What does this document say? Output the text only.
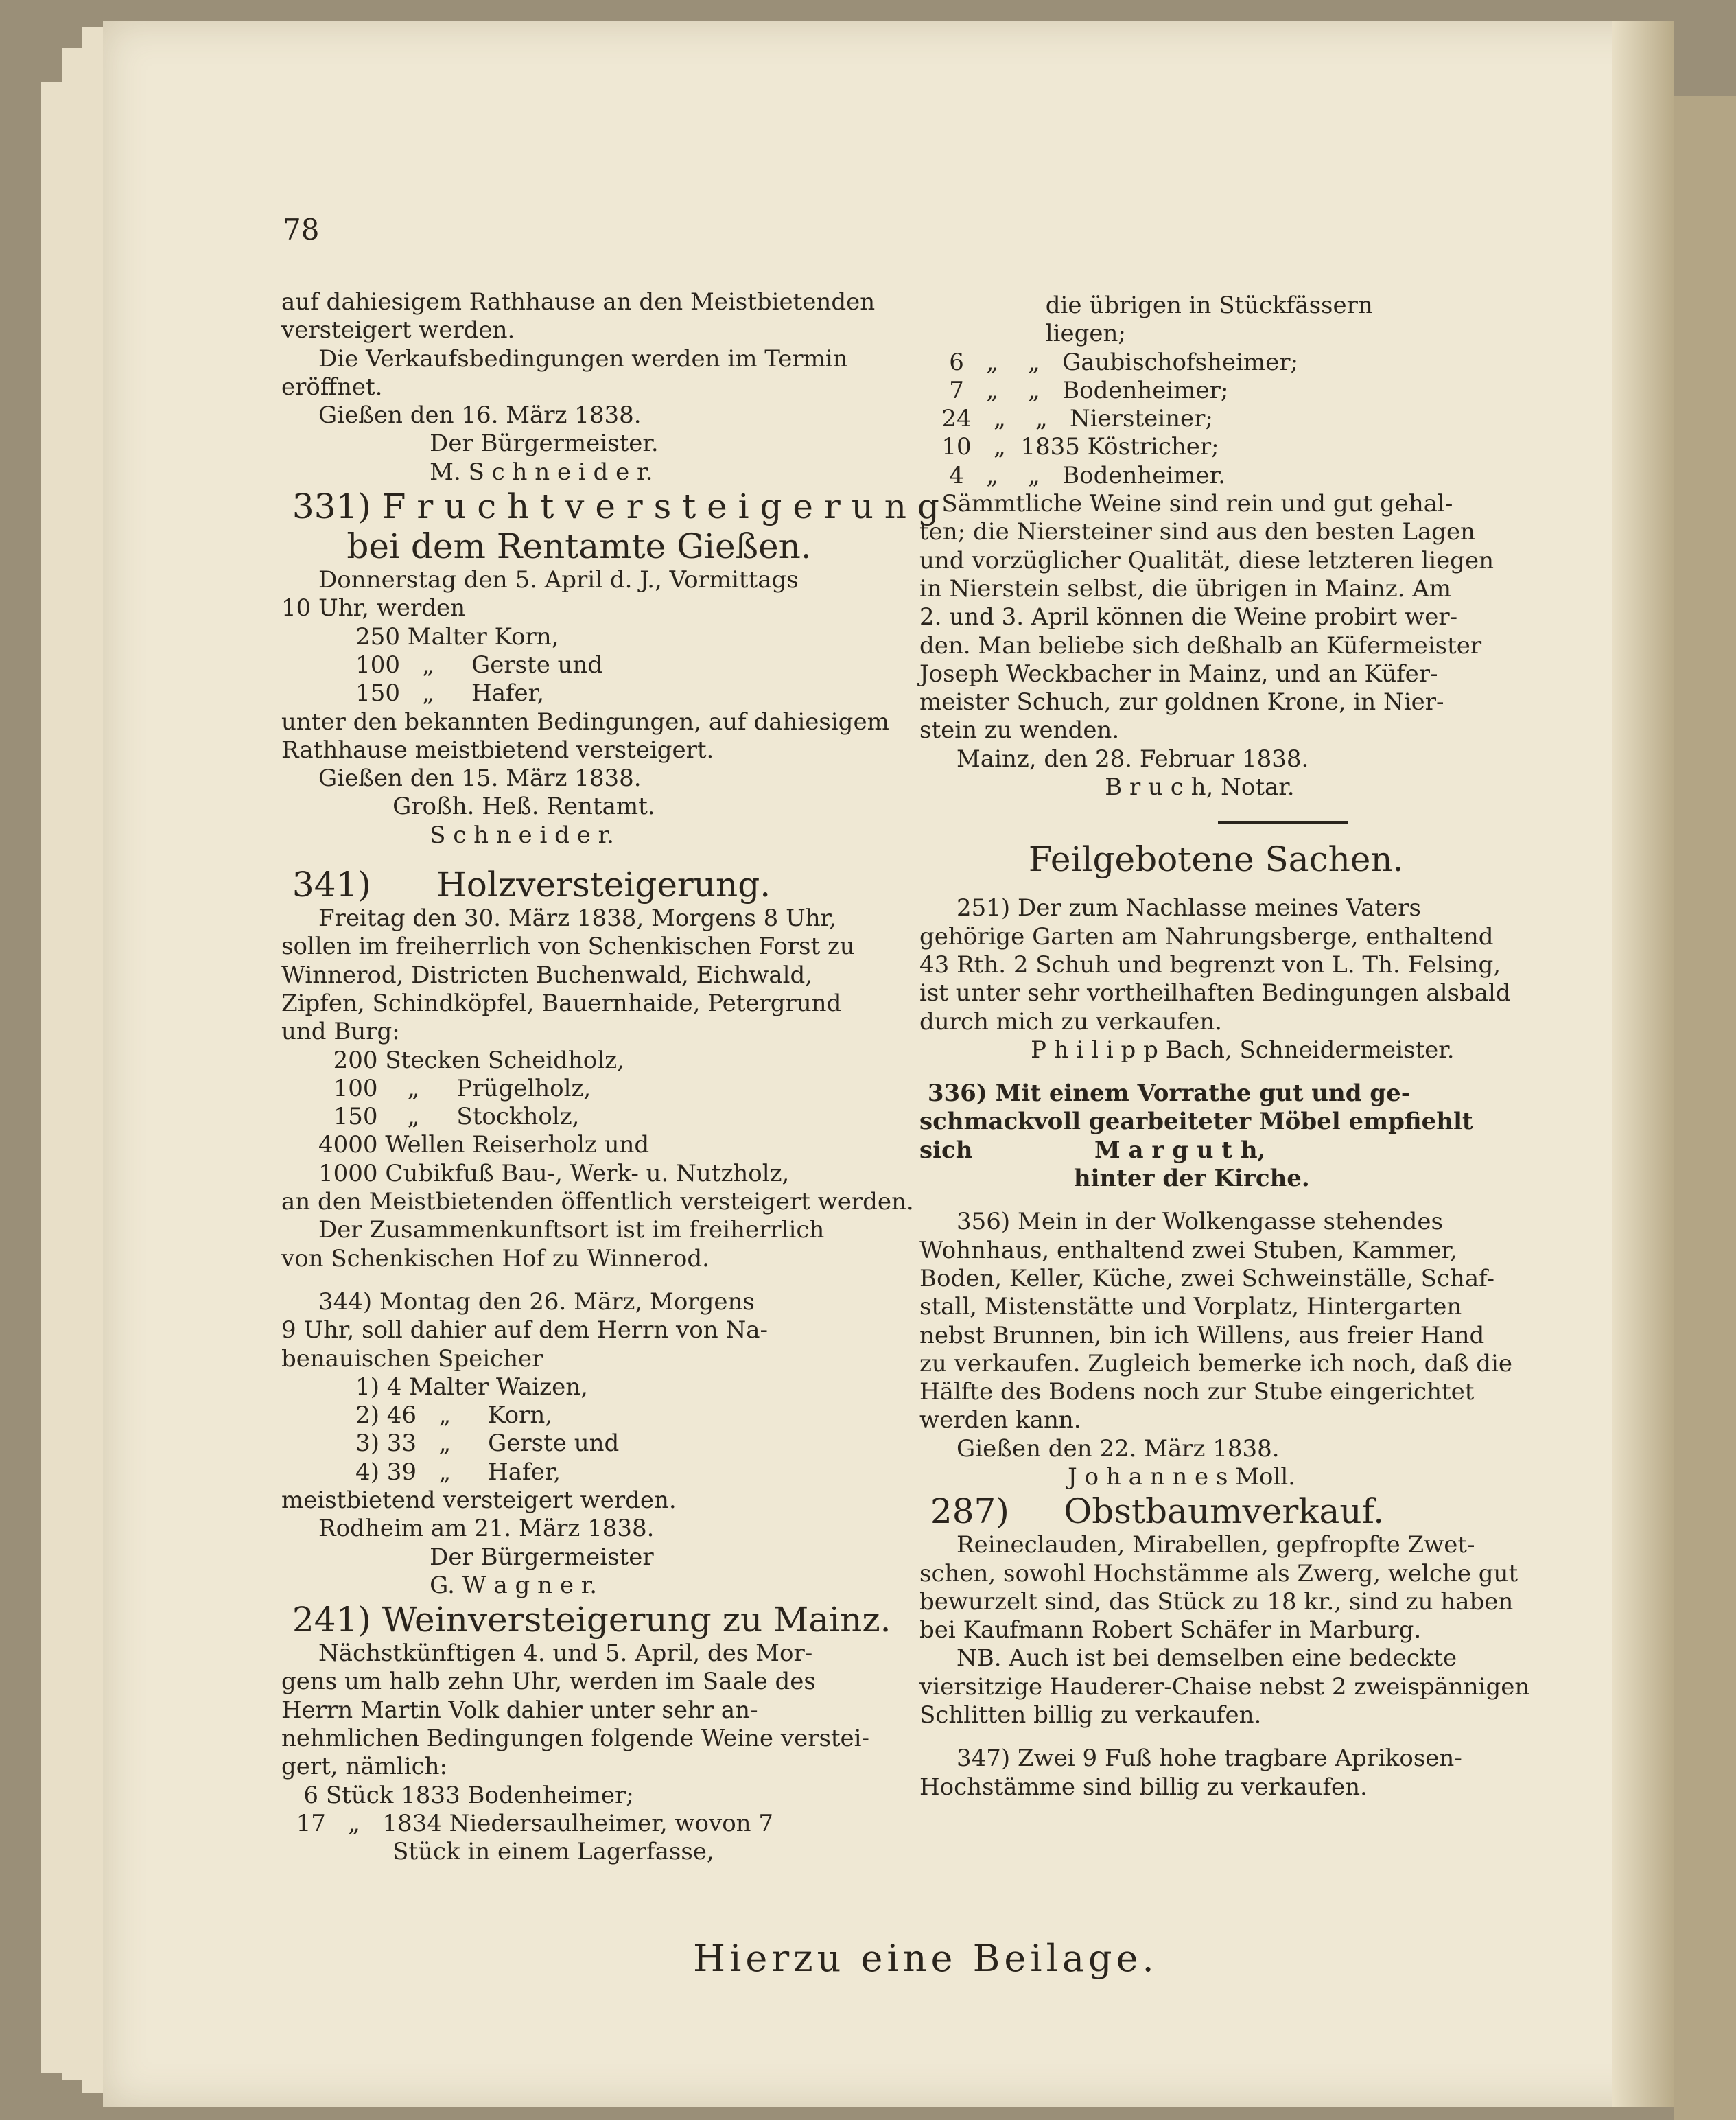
78
auf dahiesigem Rathhause an den Meistbietenden
versteigert werden.
Die Verkaufsbedingungen werden im Termin
eröffnet.
Gießen den 16. März 1838.
Der Bürgermeister.
M. S c h n e i d e r.
331) F r u c h t v e r s t e i g e r u n g
bei dem Rentamte Gießen.
Donnerstag den 5. April d. J., Vormittags
10 Uhr, werden
250 Malter Korn,
100   „     Gerste und
150   „     Hafer,
unter den bekannten Bedingungen, auf dahiesigem
Rathhause meistbietend versteigert.
Gießen den 15. März 1838.
Großh. Heß. Rentamt.
S c h n e i d e r.
341)      Holzversteigerung.
Freitag den 30. März 1838, Morgens 8 Uhr,
sollen im freiherrlich von Schenkischen Forst zu
Winnerod, Districten Buchenwald, Eichwald,
Zipfen, Schindköpfel, Bauernhaide, Petergrund
und Burg:
200 Stecken Scheidholz,
100    „     Prügelholz,
150    „     Stockholz,
4000 Wellen Reiserholz und
1000 Cubikfuß Bau-, Werk- u. Nutzholz,
an den Meistbietenden öffentlich versteigert werden.
Der Zusammenkunftsort ist im freiherrlich
von Schenkischen Hof zu Winnerod.
344) Montag den 26. März, Morgens
9 Uhr, soll dahier auf dem Herrn von Na-
benauischen Speicher
1) 4 Malter Waizen,
2) 46   „     Korn,
3) 33   „     Gerste und
4) 39   „     Hafer,
meistbietend versteigert werden.
Rodheim am 21. März 1838.
Der Bürgermeister
G. W a g n e r.
241) Weinversteigerung zu Mainz.
Nächstkünftigen 4. und 5. April, des Mor-
gens um halb zehn Uhr, werden im Saale des
Herrn Martin Volk dahier unter sehr an-
nehmlichen Bedingungen folgende Weine verstei-
gert, nämlich:
6 Stück 1833 Bodenheimer;
17   „   1834 Niedersaulheimer, wovon 7
Stück in einem Lagerfasse,
die übrigen in Stückfässern
liegen;
6   „    „   Gaubischofsheimer;
7   „    „   Bodenheimer;
24   „    „   Niersteiner;
10   „  1835 Köstricher;
4   „    „   Bodenheimer.
Sämmtliche Weine sind rein und gut gehal-
ten; die Niersteiner sind aus den besten Lagen
und vorzüglicher Qualität, diese letzteren liegen
in Nierstein selbst, die übrigen in Mainz. Am
2. und 3. April können die Weine probirt wer-
den. Man beliebe sich deßhalb an Küfermeister
Joseph Weckbacher in Mainz, und an Küfer-
meister Schuch, zur goldnen Krone, in Nier-
stein zu wenden.
Mainz, den 28. Februar 1838.
B r u c h, Notar.
Feilgebotene Sachen.
251) Der zum Nachlasse meines Vaters
gehörige Garten am Nahrungsberge, enthaltend
43 Rth. 2 Schuh und begrenzt von L. Th. Felsing,
ist unter sehr vortheilhaften Bedingungen alsbald
durch mich zu verkaufen.
P h i l i p p Bach, Schneidermeister.
336) Mit einem Vorrathe gut und ge-
schmackvoll gearbeiteter Möbel empfiehlt
sich               M a r g u t h,
hinter der Kirche.
356) Mein in der Wolkengasse stehendes
Wohnhaus, enthaltend zwei Stuben, Kammer,
Boden, Keller, Küche, zwei Schweinställe, Schaf-
stall, Mistenstätte und Vorplatz, Hintergarten
nebst Brunnen, bin ich Willens, aus freier Hand
zu verkaufen. Zugleich bemerke ich noch, daß die
Hälfte des Bodens noch zur Stube eingerichtet
werden kann.
Gießen den 22. März 1838.
J o h a n n e s Moll.
287)     Obstbaumverkauf.
Reineclauden, Mirabellen, gepfropfte Zwet-
schen, sowohl Hochstämme als Zwerg, welche gut
bewurzelt sind, das Stück zu 18 kr., sind zu haben
bei Kaufmann Robert Schäfer in Marburg.
NB. Auch ist bei demselben eine bedeckte
viersitzige Hauderer-Chaise nebst 2 zweispännigen
Schlitten billig zu verkaufen.
347) Zwei 9 Fuß hohe tragbare Aprikosen-
Hochstämme sind billig zu verkaufen.
Hierzu eine Beilage.
